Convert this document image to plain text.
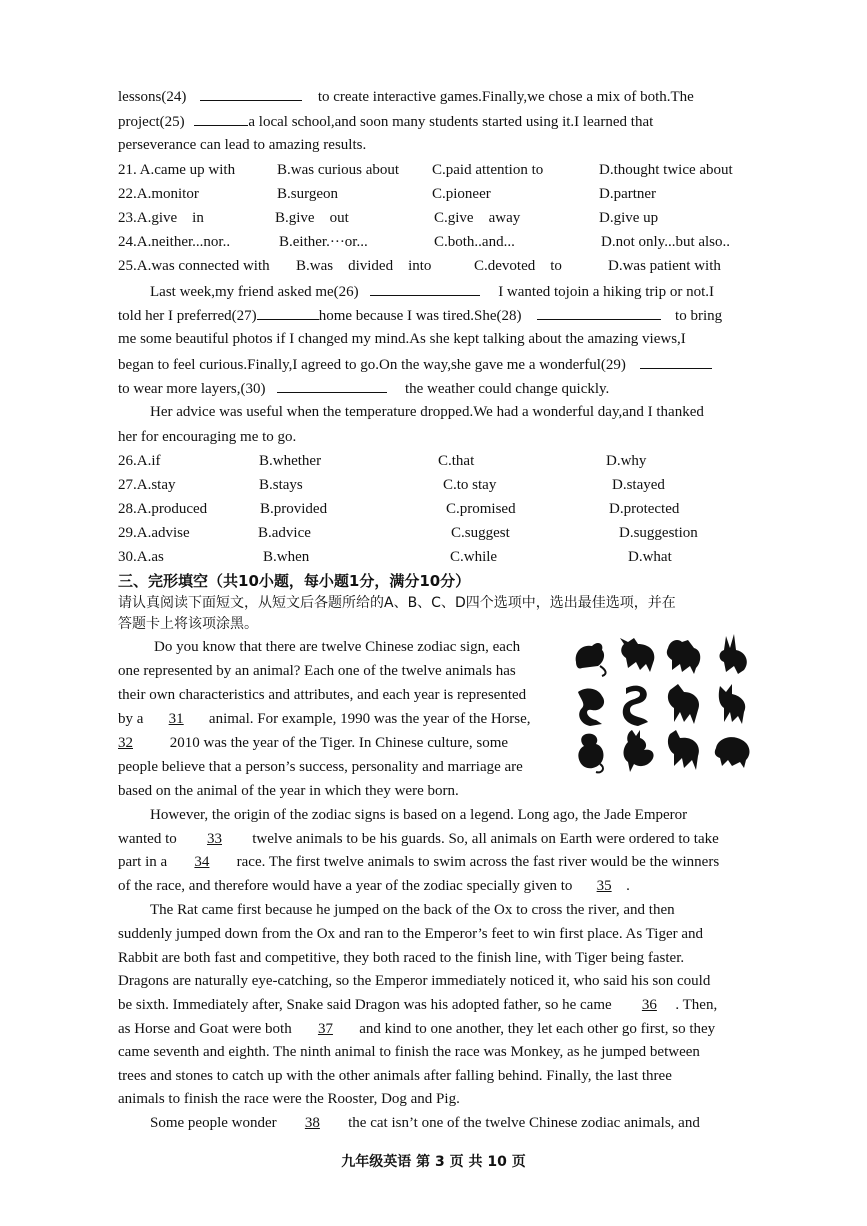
lessons(24)	to create interactive games.Finally,we chose a mix of both.The
project(25)	a local school,and soon many students started using it.I learned that
perseverance can lead to amazing results.
21. A.came up with	B.was curious about C.paid attention to	D.thought twice about
22.A.monitor	B.surgeon	C.pioneer	D.partner
23.A.give    in	B.give    out	C.give    away	D.give up
24.A.neither...nor..	B.either.···or...	C.both..and...	D.not only...but also..
25.A.was connected with B.was    divided    into	C.devoted    to	D.was patient with
Last week,my friend asked me(26)	I wanted tojoin a hiking trip or not.I
told her I preferred(27)	home because I was tired.She(28)	to bring
me some beautiful photos if I changed my mind.As she kept talking about the amazing views,I
began to feel curious.Finally,I agreed to go.On the way,she gave me a wonderful(29)
to wear more layers,(30)	the weather could change quickly.
Her advice was useful when the temperature dropped.We had a wonderful day,and I thanked
her for encouraging me to go.
26.A.if	B.whether	C.that	D.why
27.A.stay	B.stays	C.to stay	D.stayed
28.A.produced	B.provided	C.promised	D.protected
29.A.advise	B.advice	C.suggest	D.suggestion
30.A.as	B.when	C.while	D.what
三、完形填空（共10小题，每小题1分，满分10分）
请认真阅读下面短文，从短文后各题所给的A、B、C、D四个选项中，选出最佳选项，并在
答题卡上将该项涂黑。
Do you know that there are twelve Chinese zodiac sign, each
one represented by an animal? Each one of the twelve animals has
their own characteristics and attributes, and each year is represented
by a 31 animal. For example, 1990 was the year of the Horse,
32 2010 was the year of the Tiger. In Chinese culture, some
people believe that a person’s success, personality and marriage are
based on the animal of the year in which they were born.
However, the origin of the zodiac signs is based on a legend. Long ago, the Jade Emperor
wanted to 33 twelve animals to be his guards. So, all animals on Earth were ordered to take
part in a 34 race. The first twelve animals to swim across the fast river would be the winners
of the race, and therefore would have a year of the zodiac specially given to 35 .
The Rat came first because he jumped on the back of the Ox to cross the river, and then
suddenly jumped down from the Ox and ran to the Emperor’s feet to win first place. As Tiger and
Rabbit are both fast and competitive, they both raced to the finish line, with Tiger being faster.
Dragons are naturally eye-catching, so the Emperor immediately noticed it, who said his son could
be sixth. Immediately after, Snake said Dragon was his adopted father, so he came 36 . Then,
as Horse and Goat were both 37 and kind to one another, they let each other go first, so they
came seventh and eighth. The ninth animal to finish the race was Monkey, as he jumped between
trees and stones to catch up with the other animals after falling behind. Finally, the last three
animals to finish the race were the Rooster, Dog and Pig.
Some people wonder 38 the cat isn’t one of the twelve Chinese zodiac animals, and
九年级英语 第 3 页 共 10 页
